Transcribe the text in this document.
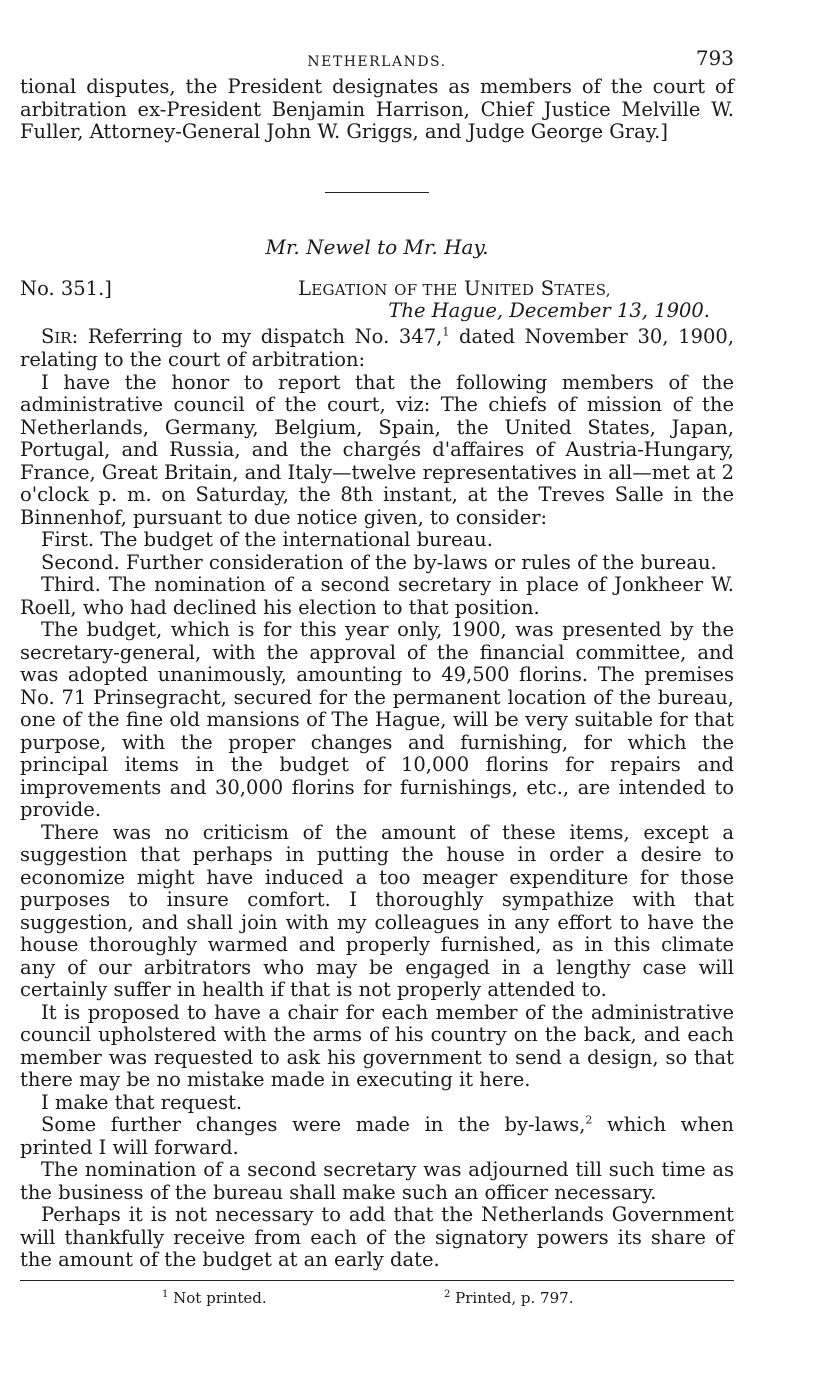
NETHERLANDS.	793

tional disputes, the President designates as members of the court of arbitration ex-President Benjamin Harrison, Chief Justice Melville W. Fuller, Attorney-General John W. Griggs, and Judge George Gray.]

Mr. Newel to Mr. Hay.
No. 351.]	LEGATION OF THE UNITED STATES,
The Hague, December 13, 1900.

SIR: Referring to my dispatch No. 347,$^1$ dated November 30, 1900, relating to the court of arbitration:

I have the honor to report that the following members of the administrative council of the court, viz: The chiefs of mission of the Netherlands, Germany, Belgium, Spain, the United States, Japan, Portugal, and Russia, and the chargés d'affaires of Austria-Hungary, France, Great Britain, and Italy—twelve representatives in all—met at 2 o'clock p. m. on Saturday, the 8th instant, at the Treves Salle in the Binnenhof, pursuant to due notice given, to consider:

First. The budget of the international bureau.

Second. Further consideration of the by-laws or rules of the bureau.

Third. The nomination of a second secretary in place of Jonkheer W. Roell, who had declined his election to that position.

The budget, which is for this year only, 1900, was presented by the secretary-general, with the approval of the financial committee, and was adopted unanimously, amounting to 49,500 florins. The premises No. 71 Prinsegracht, secured for the permanent location of the bureau, one of the fine old mansions of The Hague, will be very suitable for that purpose, with the proper changes and furnishing, for which the principal items in the budget of 10,000 florins for repairs and improvements and 30,000 florins for furnishings, etc., are intended to provide.

There was no criticism of the amount of these items, except a suggestion that perhaps in putting the house in order a desire to economize might have induced a too meager expenditure for those purposes to insure comfort. I thoroughly sympathize with that suggestion, and shall join with my colleagues in any effort to have the house thoroughly warmed and properly furnished, as in this climate any of our arbitrators who may be engaged in a lengthy case will certainly suffer in health if that is not properly attended to.

It is proposed to have a chair for each member of the administrative council upholstered with the arms of his country on the back, and each member was requested to ask his government to send a design, so that there may be no mistake made in executing it here.

I make that request.

Some further changes were made in the by-laws,$^2$ which when printed I will forward.

The nomination of a second secretary was adjourned till such time as the business of the bureau shall make such an officer necessary.

Perhaps it is not necessary to add that the Netherlands Government will thankfully receive from each of the signatory powers its share of the amount of the budget at an early date.

$^1$ Not printed.	$^2$ Printed, p. 797.
